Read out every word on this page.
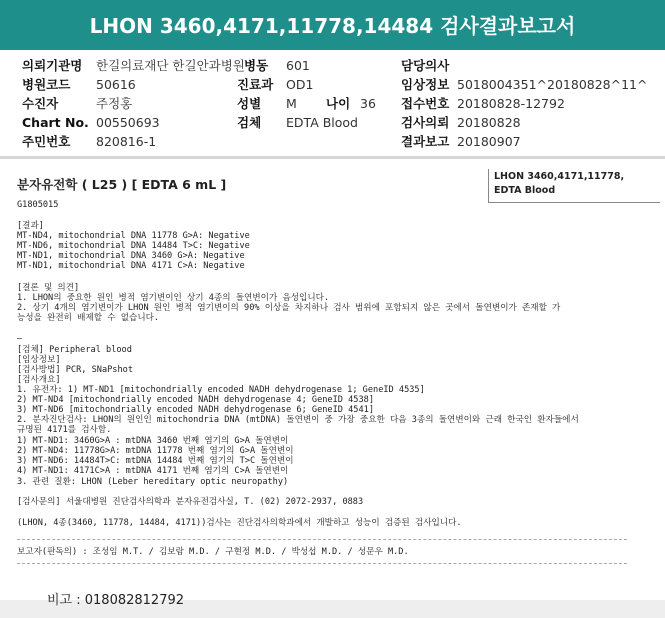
LHON 3460,4171,11778,14484 검사결과보고서
의뢰기관명 한길의료재단 한길안과병원 병동 601	담당의사
병원코드 50616	진료과 OD1	임상정보 5018004351^20180828^11^
수진자	주정홍	성별 M 나이 36 접수번호 20180828-12792
Chart No. 00550693	검체 EDTA Blood	검사의뢰 20180828
주민번호 820816-1	결과보고 20180907
분자유전학 ( L25 ) [ EDTA 6 mL ]
LHON 3460,4171,11778,
EDTA Blood
G1805015
[결과]
MT-ND4, mitochondrial DNA 11778 G>A: Negative
MT-ND6, mitochondrial DNA 14484 T>C: Negative
MT-ND1, mitochondrial DNA 3460 G>A: Negative
MT-ND1, mitochondrial DNA 4171 C>A: Negative
[결론 및 의견]
1. LHON의 중요한 원인 병적 염기변이인 상기 4종의 돌연변이가 음성입니다.
2. 상기 4개의 염기변이가 LHON 원인 병적 염기변이의 90% 이상을 차지하나 검사 범위에 포함되지 않은 곳에서 돌연변이가 존재할 가
능성을 완전히 배제할 수 없습니다.
—
[검체] Peripheral blood
[임상정보]
[검사방법] PCR, SNaPshot
[검사개요]
1. 유전자: 1) MT-ND1 [mitochondrially encoded NADH dehydrogenase 1; GeneID 4535]
2) MT-ND4 [mitochondrially encoded NADH dehydrogenase 4; GeneID 4538]
3) MT-ND6 [mitochondrially encoded NADH dehydrogenase 6; GeneID 4541]
2. 분자진단검사: LHON의 원인인 mitochondria DNA (mtDNA) 돌연변이 중 가장 중요한 다음 3종의 돌연변이와 근래 한국인 환자들에서
규명된 4171를 검사함.
1) MT-ND1: 3460G>A : mtDNA 3460 번째 염기의 G>A 돌연변이
2) MT-ND4: 11778G>A: mtDNA 11778 번째 염기의 G>A 돌연변이
3) MT-ND6: 14484T>C: mtDNA 14484 번째 염기의 T>C 돌연변이
4) MT-ND1: 4171C>A : mtDNA 4171 번째 염기의 C>A 돌연변이
3. 관련 질환: LHON (Leber hereditary optic neuropathy)
[검사문의] 서울대병원 진단검사의학과 분자유전검사실, T. (02) 2072-2937, 0883
(LHON, 4종(3460, 11778, 14484, 4171))검사는 진단검사의학과에서 개발하고 성능이 검증된 검사입니다.
보고자(판독의) : 조성임 M.T. / 김보람 M.D. / 구현정 M.D. / 박성섭 M.D. / 성문우 M.D.
비고 : 018082812792
